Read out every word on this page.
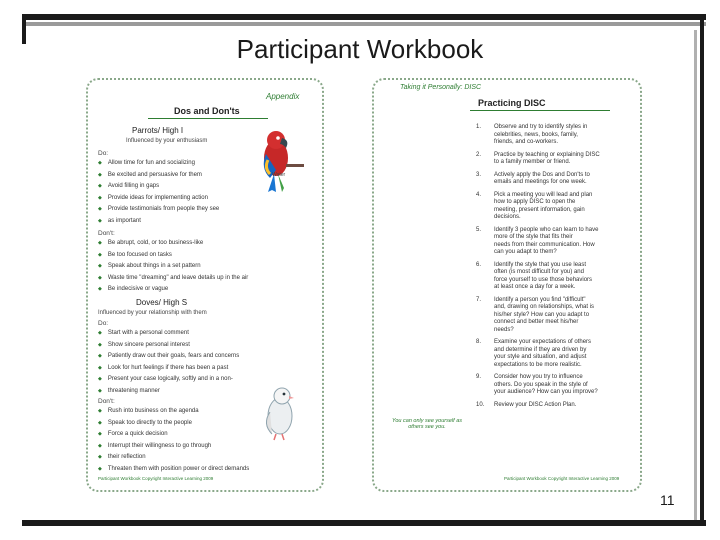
Participant Workbook
Appendix
Dos and Don'ts
Parrots/ High I
Influenced by your enthusiasm
Do:
◆ Allow time for fun and socializing
◆ Be excited and persuasive for them
◆ Avoid filling in gaps
◆ Provide ideas for implementing action
◆ Provide testimonials from people they see
◆ as important
Water
Don't:
◆ Be abrupt, cold, or too business-like
◆ Be too focused on tasks
◆ Speak about things in a set pattern
◆ Waste time "dreaming" and leave details up in the air
◆ Be indecisive or vague
Doves/ High S
Influenced by your relationship with them
Do:
◆ Start with a personal comment
◆ Show sincere personal interest
◆ Patiently draw out their goals, fears and concerns
◆ Look for hurt feelings if there has been a past
◆ Present your case logically, softly and in a non-
◆ threatening manner
Don't:
◆ Rush into business on the agenda
◆ Speak too directly to the people
◆ Force a quick decision
◆ Interrupt their willingness to go through
◆ their reflection
◆ Threaten them with position power or direct demands
Participant Workbook Copyright Interactive Learning 2009
Taking it Personally: DISC
Practicing DISC
1. Observe and try to identify styles in
celebrities, news, books, family,
friends, and co-workers.
2. Practice by teaching or explaining DISC
to a family member or friend.
3. Actively apply the Dos and Don'ts to
emails and meetings for one week.
4. Pick a meeting you will lead and plan
how to apply DISC to open the
meeting, present information, gain
decisions.
5. Identify 3 people who can learn to have
more of the style that fits their
needs from their communication. How
can you adapt to them?
6. Identify the style that you use least
often (is most difficult for you) and
force yourself to use those behaviors
at least once a day for a week.
7. Identify a person you find "difficult"
and, drawing on relationships, what is
his/her style? How can you adapt to
connect and better meet his/her
needs?
8. Examine your expectations of others
and determine if they are driven by
your style and situation, and adjust
expectations to be more realistic.
9. Consider how you try to influence
others. Do you speak in the style of
your audience? How can you improve?
10. Review your DISC Action Plan.
You can only see yourself as others see you.
Participant Workbook Copyright Interactive Learning 2009
11
